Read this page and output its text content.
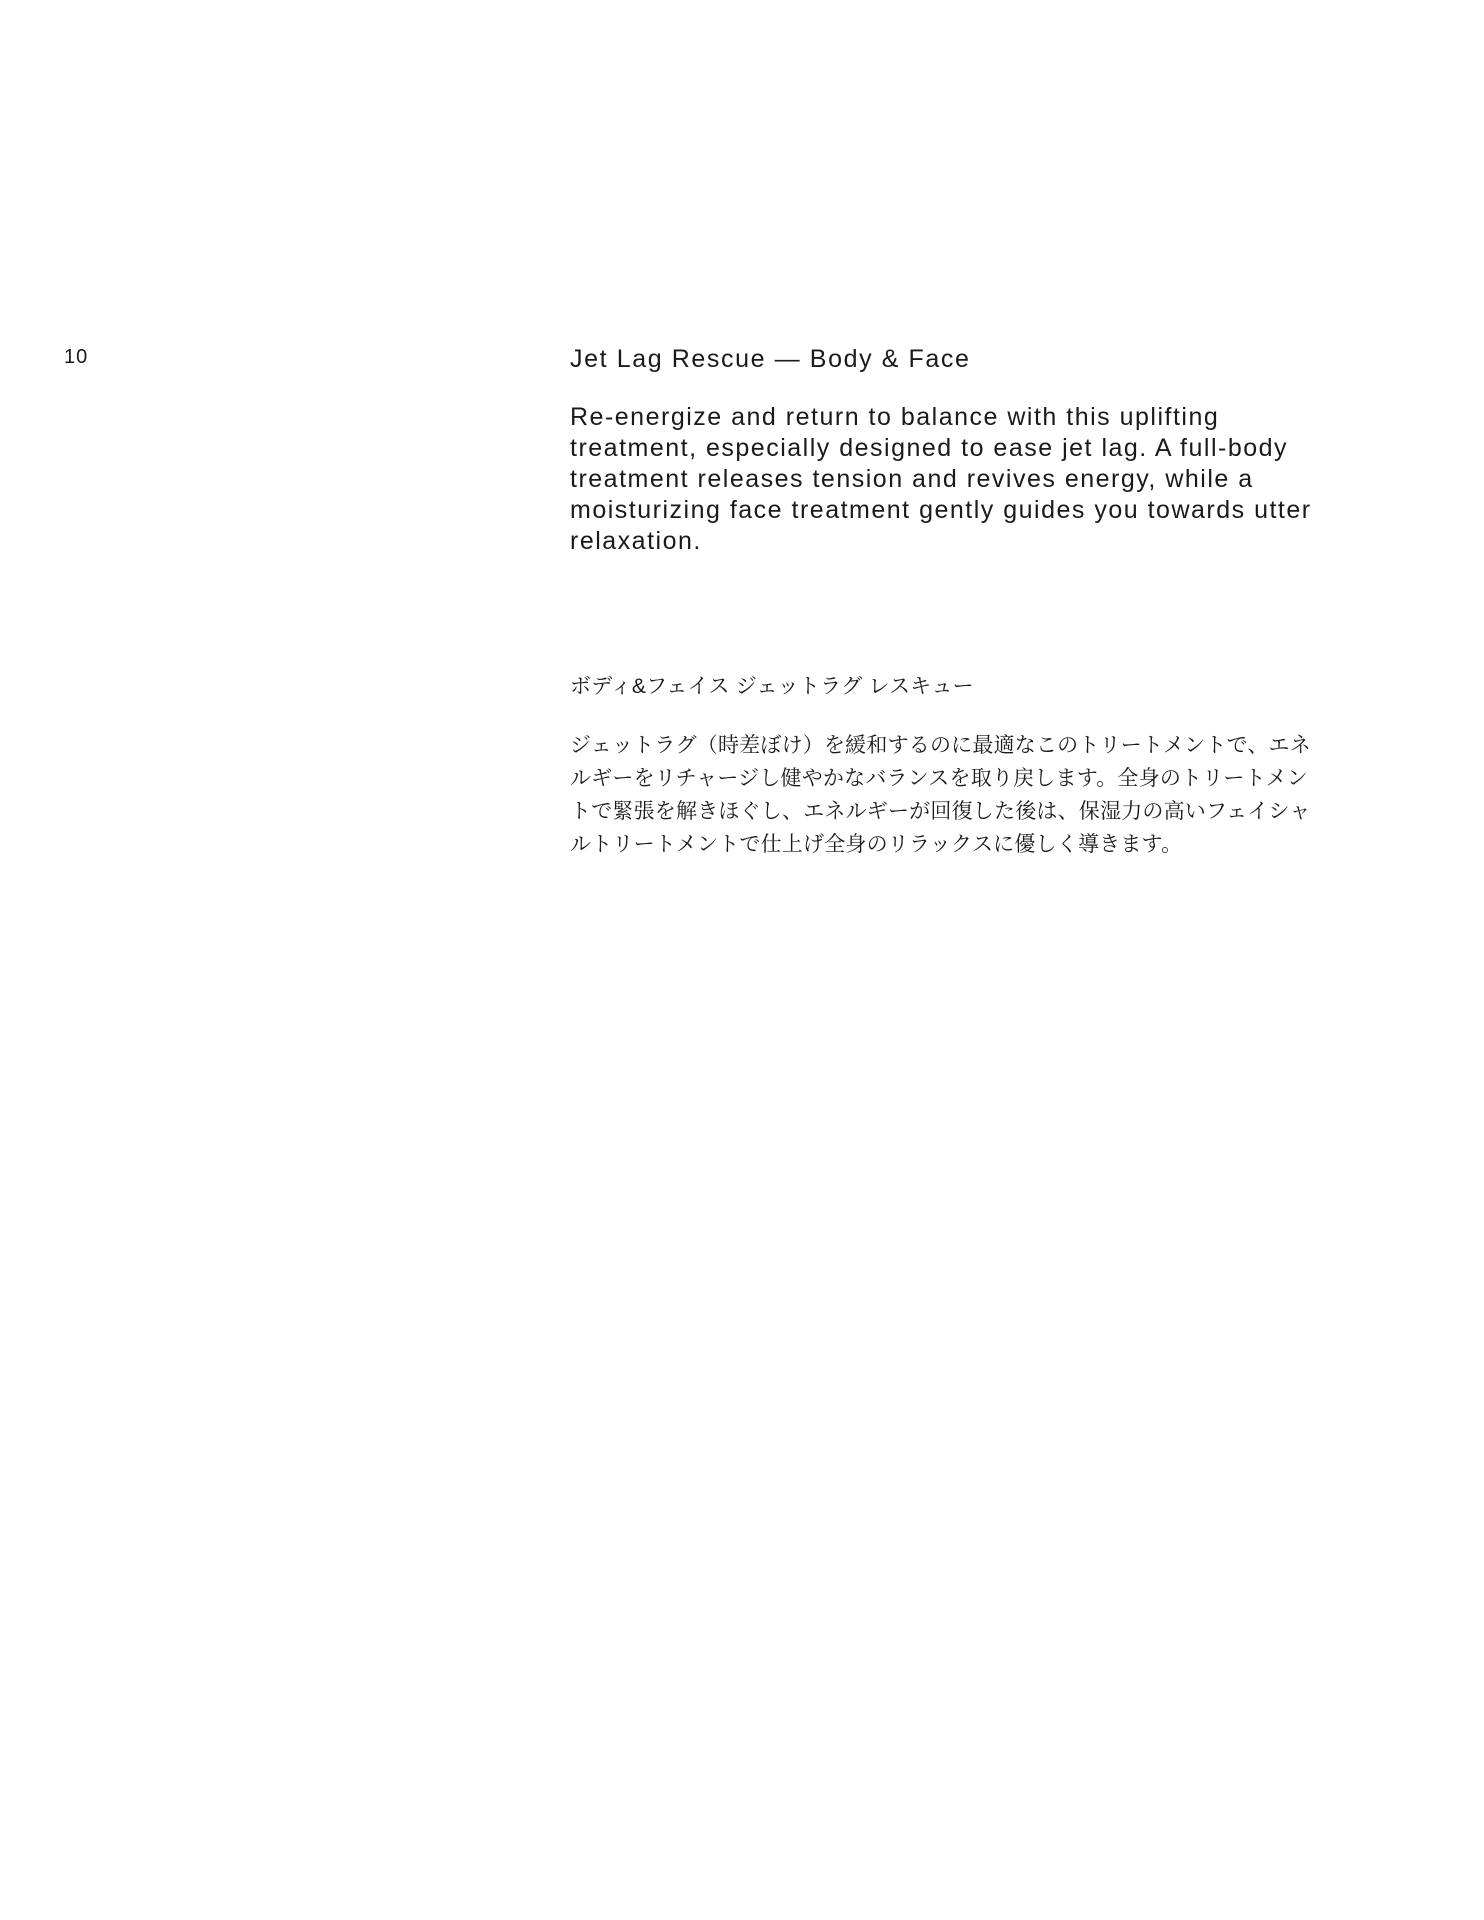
10	Jet Lag Rescue — Body & Face

Re-energize and return to balance with this uplifting treatment, especially designed to ease jet lag. A full-body treatment releases tension and revives energy, while a moisturizing face treatment gently guides you towards utter relaxation.

ボディ&フェイス ジェットラグ レスキュー

ジェットラグ（時差ぼけ）を緩和するのに最適なこのトリートメントで、エネルギーをリチャージし健やかなバランスを取り戻します。全身のトリートメントで緊張を解きほぐし、エネルギーが回復した後は、保湿力の高いフェイシャルトリートメントで仕上げ全身のリラックスに優しく導きます。
